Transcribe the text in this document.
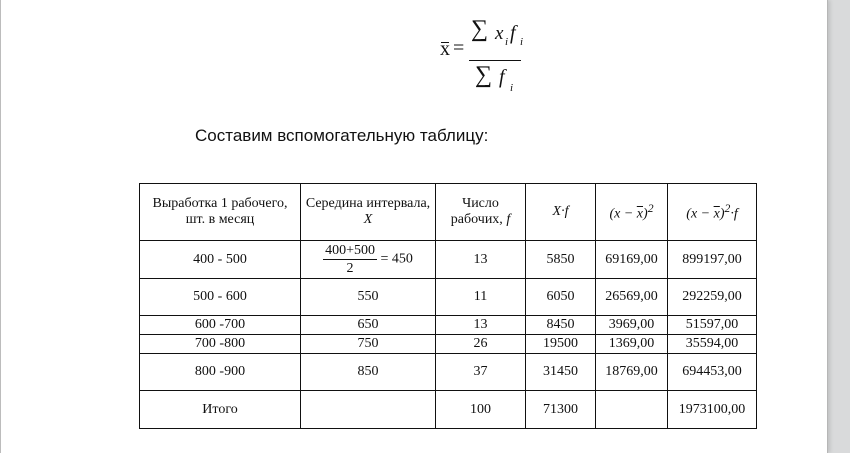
x =
∑ x i f i
∑ f i
Составим вспомогательную таблицу:
Выработка 1 рабочего, шт. в месяц	Середина интервала, X	Число рабочих, f	X·f	$(x - \overline{x})^2$	$(x - \overline{x})^2\cdot f$
400 - 500	$\frac{400+500}{2} = 450$	13	5850	69169,00	899197,00
500 - 600	550	11	6050	26569,00	292259,00
600 -700	650	13	8450	3969,00	51597,00
700 -800	750	26	19500	1369,00	35594,00
800 -900	850	37	31450	18769,00	694453,00
Итого		100	71300		1973100,00
